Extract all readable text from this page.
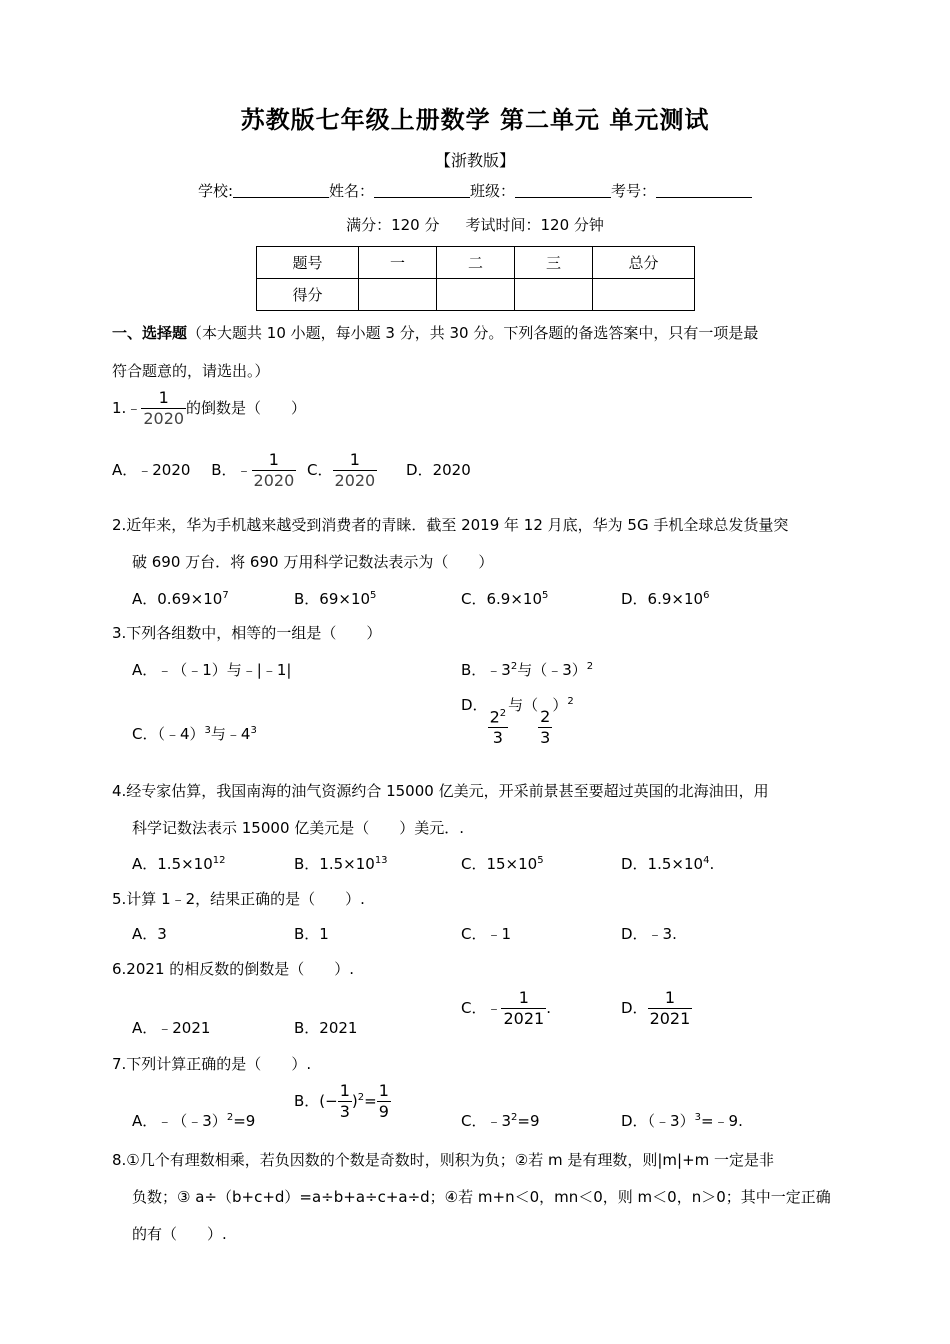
苏教版七年级上册数学 第二单元 单元测试
【浙教版】
学校:	姓名：	班级：	考号：
满分：120 分 考试时间：120 分钟
题号	一	二	三	总分
得分				
一、选择题（本大题共 10 小题，每小题 3 分，共 30 分。下列各题的备选答案中，只有一项是最
符合题意的，请选出。）
1.﹣ $\frac{1}{2020}$ 的倒数是（　　）
A．﹣2020 B．﹣ $\frac{1}{2020}$ C． $\frac{1}{2020}$ D．2020
2.近年来，华为手机越来越受到消费者的青睐．截至 2019 年 12 月底，华为 5G 手机全球总发货量突
破 690 万台．将 690 万用科学记数法表示为（　　）
A．$0.69\times 10^7$	B．$69\times 10^5$	C．$6.9\times 10^5$	D．$6.9\times 10^6$
3.下列各组数中，相等的一组是（　　）
A．﹣（﹣1）与﹣|﹣1|	B．$﹣3^2$与（﹣3）$^2$
C．（﹣4）$^3$与$﹣4^3$
D．
$\frac{2^2}{3}$
与（
$\frac{2}{3}$
）$^2$
4.经专家估算，我国南海的油气资源约合 15000 亿美元，开采前景甚至要超过英国的北海油田，用
科学记数法表示 15000 亿美元是（　　）美元．.
A．$1.5\times 10^{12}$	B．$1.5\times 10^{13}$	C．$15\times 10^5$	D．$1.5\times 10^4$.
5.计算 1﹣2，结果正确的是（　　）.
A．3	B．1	C．﹣1	D．﹣3.
6.2021 的相反数的倒数是（　　）.
A．﹣2021	B．2021
C．﹣ $\frac{1}{2021}$ .	D． $\frac{1}{2021}$
7.下列计算正确的是（　　）.
A．﹣（﹣3）$^2$=9
B．(− $\frac{1}{3} )^2= \frac{1}{9}$
C．$﹣3^2=9$	D．（﹣3）$^3$=﹣9.
8.①几个有理数相乘，若负因数的个数是奇数时，则积为负；②若 m 是有理数，则|m|+m 一定是非
负数；③ a÷（b+c+d）=a÷b+a÷c+a÷d；④若 m+n＜0，mn＜0，则 m＜0，n＞0；其中一定正确
的有（　　）.
